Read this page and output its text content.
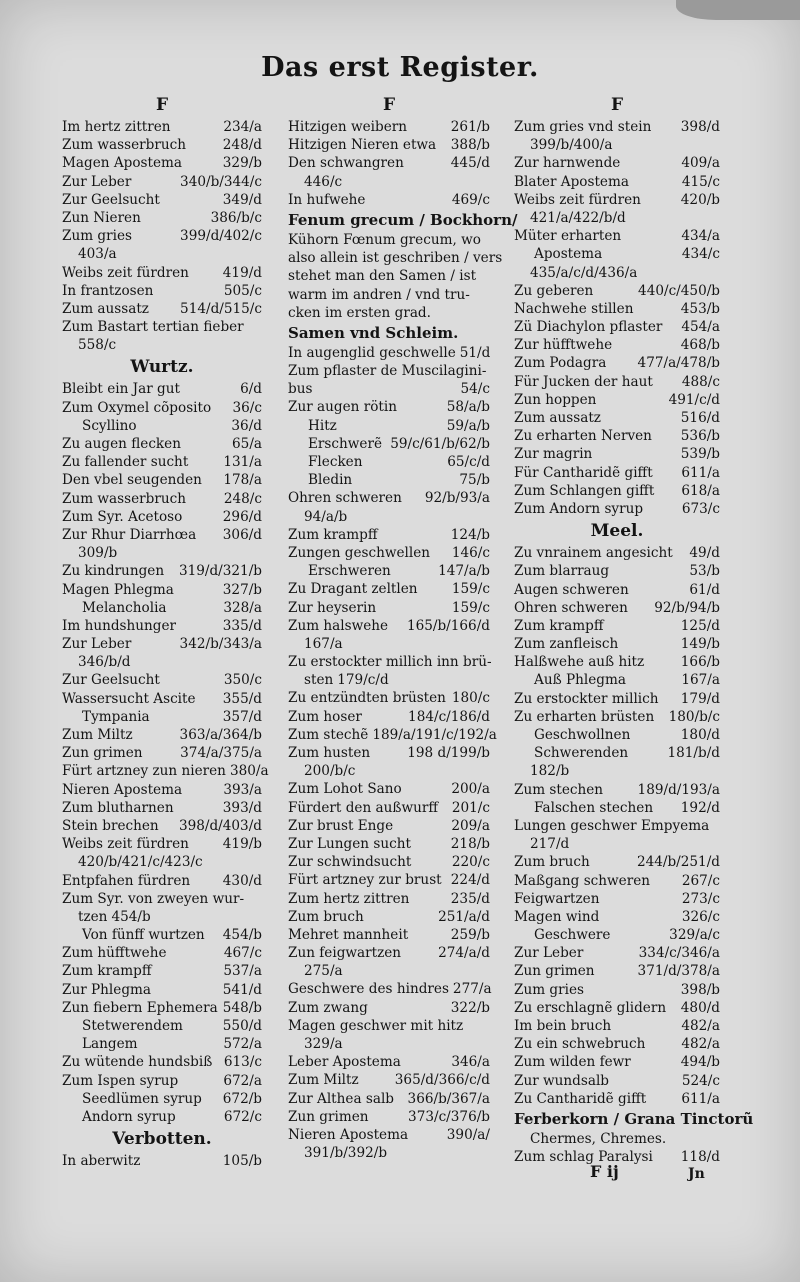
Das erst Register.
F
Im hertz zittren	234/a
Zum wasserbruch	248/d
Magen Apostema	329/b
Zur Leber	340/b/344/c
Zur Geelsucht	349/d
Zun Nieren	386/b/c
Zum gries	399/d/402/c
403/a
Weibs zeit fürdren 419/d
In frantzosen	505/c
Zum aussatz 514/d/515/c
Zum Bastart tertian fieber
558/c
Wurtz.
Bleibt ein Jar gut	6/d
Zum Oxymel cõposito 36/c
Scyllino	36/d
Zu augen flecken	65/a
Zu fallender sucht	131/a
Den vbel seugenden 178/a
Zum wasserbruch	248/c
Zum Syr. Acetoso	296/d
Zur Rhur Diarrhœa 306/d
309/b
Zu kindrungen 319/d/321/b
Magen Phlegma	327/b
Melancholia	328/a
Im hundshunger	335/d
Zur Leber	342/b/343/a
346/b/d
Zur Geelsucht	350/c
Wassersucht Ascite 355/d
Tympania	357/d
Zum Miltz	363/a/364/b
Zun grimen	374/a/375/a
Fürt artzney zun nieren 380/a
Nieren Apostema	393/a
Zum blutharnen	393/d
Stein brechen 398/d/403/d
Weibs zeit fürdren 419/b
420/b/421/c/423/c
Entpfahen fürdren 430/d
Zum Syr. von zweyen wur-
tzen 454/b
Von fünff wurtzen 454/b
Zum hüfftwehe	467/c
Zum krampff	537/a
Zur Phlegma	541/d
Zun fiebern Ephemera 548/b
Stetwerendem	550/d
Langem	572/a
Zu wütende hundsbiß 613/c
Zum Ispen syrup	672/a
Seedlümen syrup 672/b
Andorn syrup	672/c
Verbotten.
In aberwitz	105/b
F
Hitzigen weibern	261/b
Hitzigen Nieren etwa 388/b
Den schwangren	445/d
446/c
In hufwehe	469/c
Fenum grecum / Bockhorn/
Kühorn Fœnum grecum, wo
also allein ist geschriben / vers
stehet man den Samen / ist
warm im andren / vnd tru-
cken im ersten grad.
Samen vnd Schleim.
In augenglid geschwelle 51/d
Zum pflaster de Muscilagini-
bus	54/c
Zur augen rötin	58/a/b
Hitz	59/a/b
Erschwerẽ 59/c/61/b/62/b
Flecken	65/c/d
Bledin	75/b
Ohren schweren 92/b/93/a
94/a/b
Zum krampff	124/b
Zungen geschwellen 146/c
Erschweren	147/a/b
Zu Dragant zeltlen	159/c
Zur heyserin	159/c
Zum halswehe 165/b/166/d
167/a
Zu erstockter millich inn brü-
sten 179/c/d
Zu entzündten brüsten 180/c
Zum hoser	184/c/186/d
Zum stechẽ 189/a/191/c/192/a
Zum husten	198 d/199/b
200/b/c
Zum Lohot Sano	200/a
Fürdert den außwurff 201/c
Zur brust Enge	209/a
Zur Lungen sucht	218/b
Zur schwindsucht	220/c
Fürt artzney zur brust 224/d
Zum hertz zittren	235/d
Zum bruch	251/a/d
Mehret mannheit	259/b
Zun feigwartzen	274/a/d
275/a
Geschwere des hindres 277/a
Zum zwang	322/b
Magen geschwer mit hitz
329/a
Leber Apostema	346/a
Zum Miltz	365/d/366/c/d
Zur Althea salb 366/b/367/a
Zun grimen	373/c/376/b
Nieren Apostema	390/a/
391/b/392/b
F
Zum gries vnd stein 398/d
399/b/400/a
Zur harnwende	409/a
Blater Apostema	415/c
Weibs zeit fürdren	420/b
421/a/422/b/d
Müter erharten	434/a
Apostema	434/c
435/a/c/d/436/a
Zu geberen	440/c/450/b
Nachwehe stillen	453/b
Zü Diachylon pflaster 454/a
Zur hüfftwehe	468/b
Zum Podagra 477/a/478/b
Für Jucken der haut 488/c
Zun hoppen	491/c/d
Zum aussatz	516/d
Zu erharten Nerven 536/b
Zur magrin	539/b
Für Cantharidẽ gifft 611/a
Zum Schlangen gifft 618/a
Zum Andorn syrup	673/c
Meel.
Zu vnrainem angesicht 49/d
Zum blarraug	53/b
Augen schweren	61/d
Ohren schweren 92/b/94/b
Zum krampff	125/d
Zum zanfleisch	149/b
Halßwehe auß hitz	166/b
Auß Phlegma	167/a
Zu erstockter millich 179/d
Zu erharten brüsten 180/b/c
Geschwollnen	180/d
Schwerenden	181/b/d
182/b
Zum stechen	189/d/193/a
Falschen stechen 192/d
Lungen geschwer Empyema
217/d
Zum bruch	244/b/251/d
Maßgang schweren 267/c
Feigwartzen	273/c
Magen wind	326/c
Geschwere	329/a/c
Zur Leber	334/c/346/a
Zun grimen	371/d/378/a
Zum gries	398/b
Zu erschlagnẽ glidern 480/d
Im bein bruch	482/a
Zu ein schwebruch	482/a
Zum wilden fewr	494/b
Zur wundsalb	524/c
Zu Cantharidẽ gifft	611/a
Ferberkorn / Grana Tinctorũ
Chermes, Chremes.
Zum schlag Paralysi 118/d
F ij	Jn
